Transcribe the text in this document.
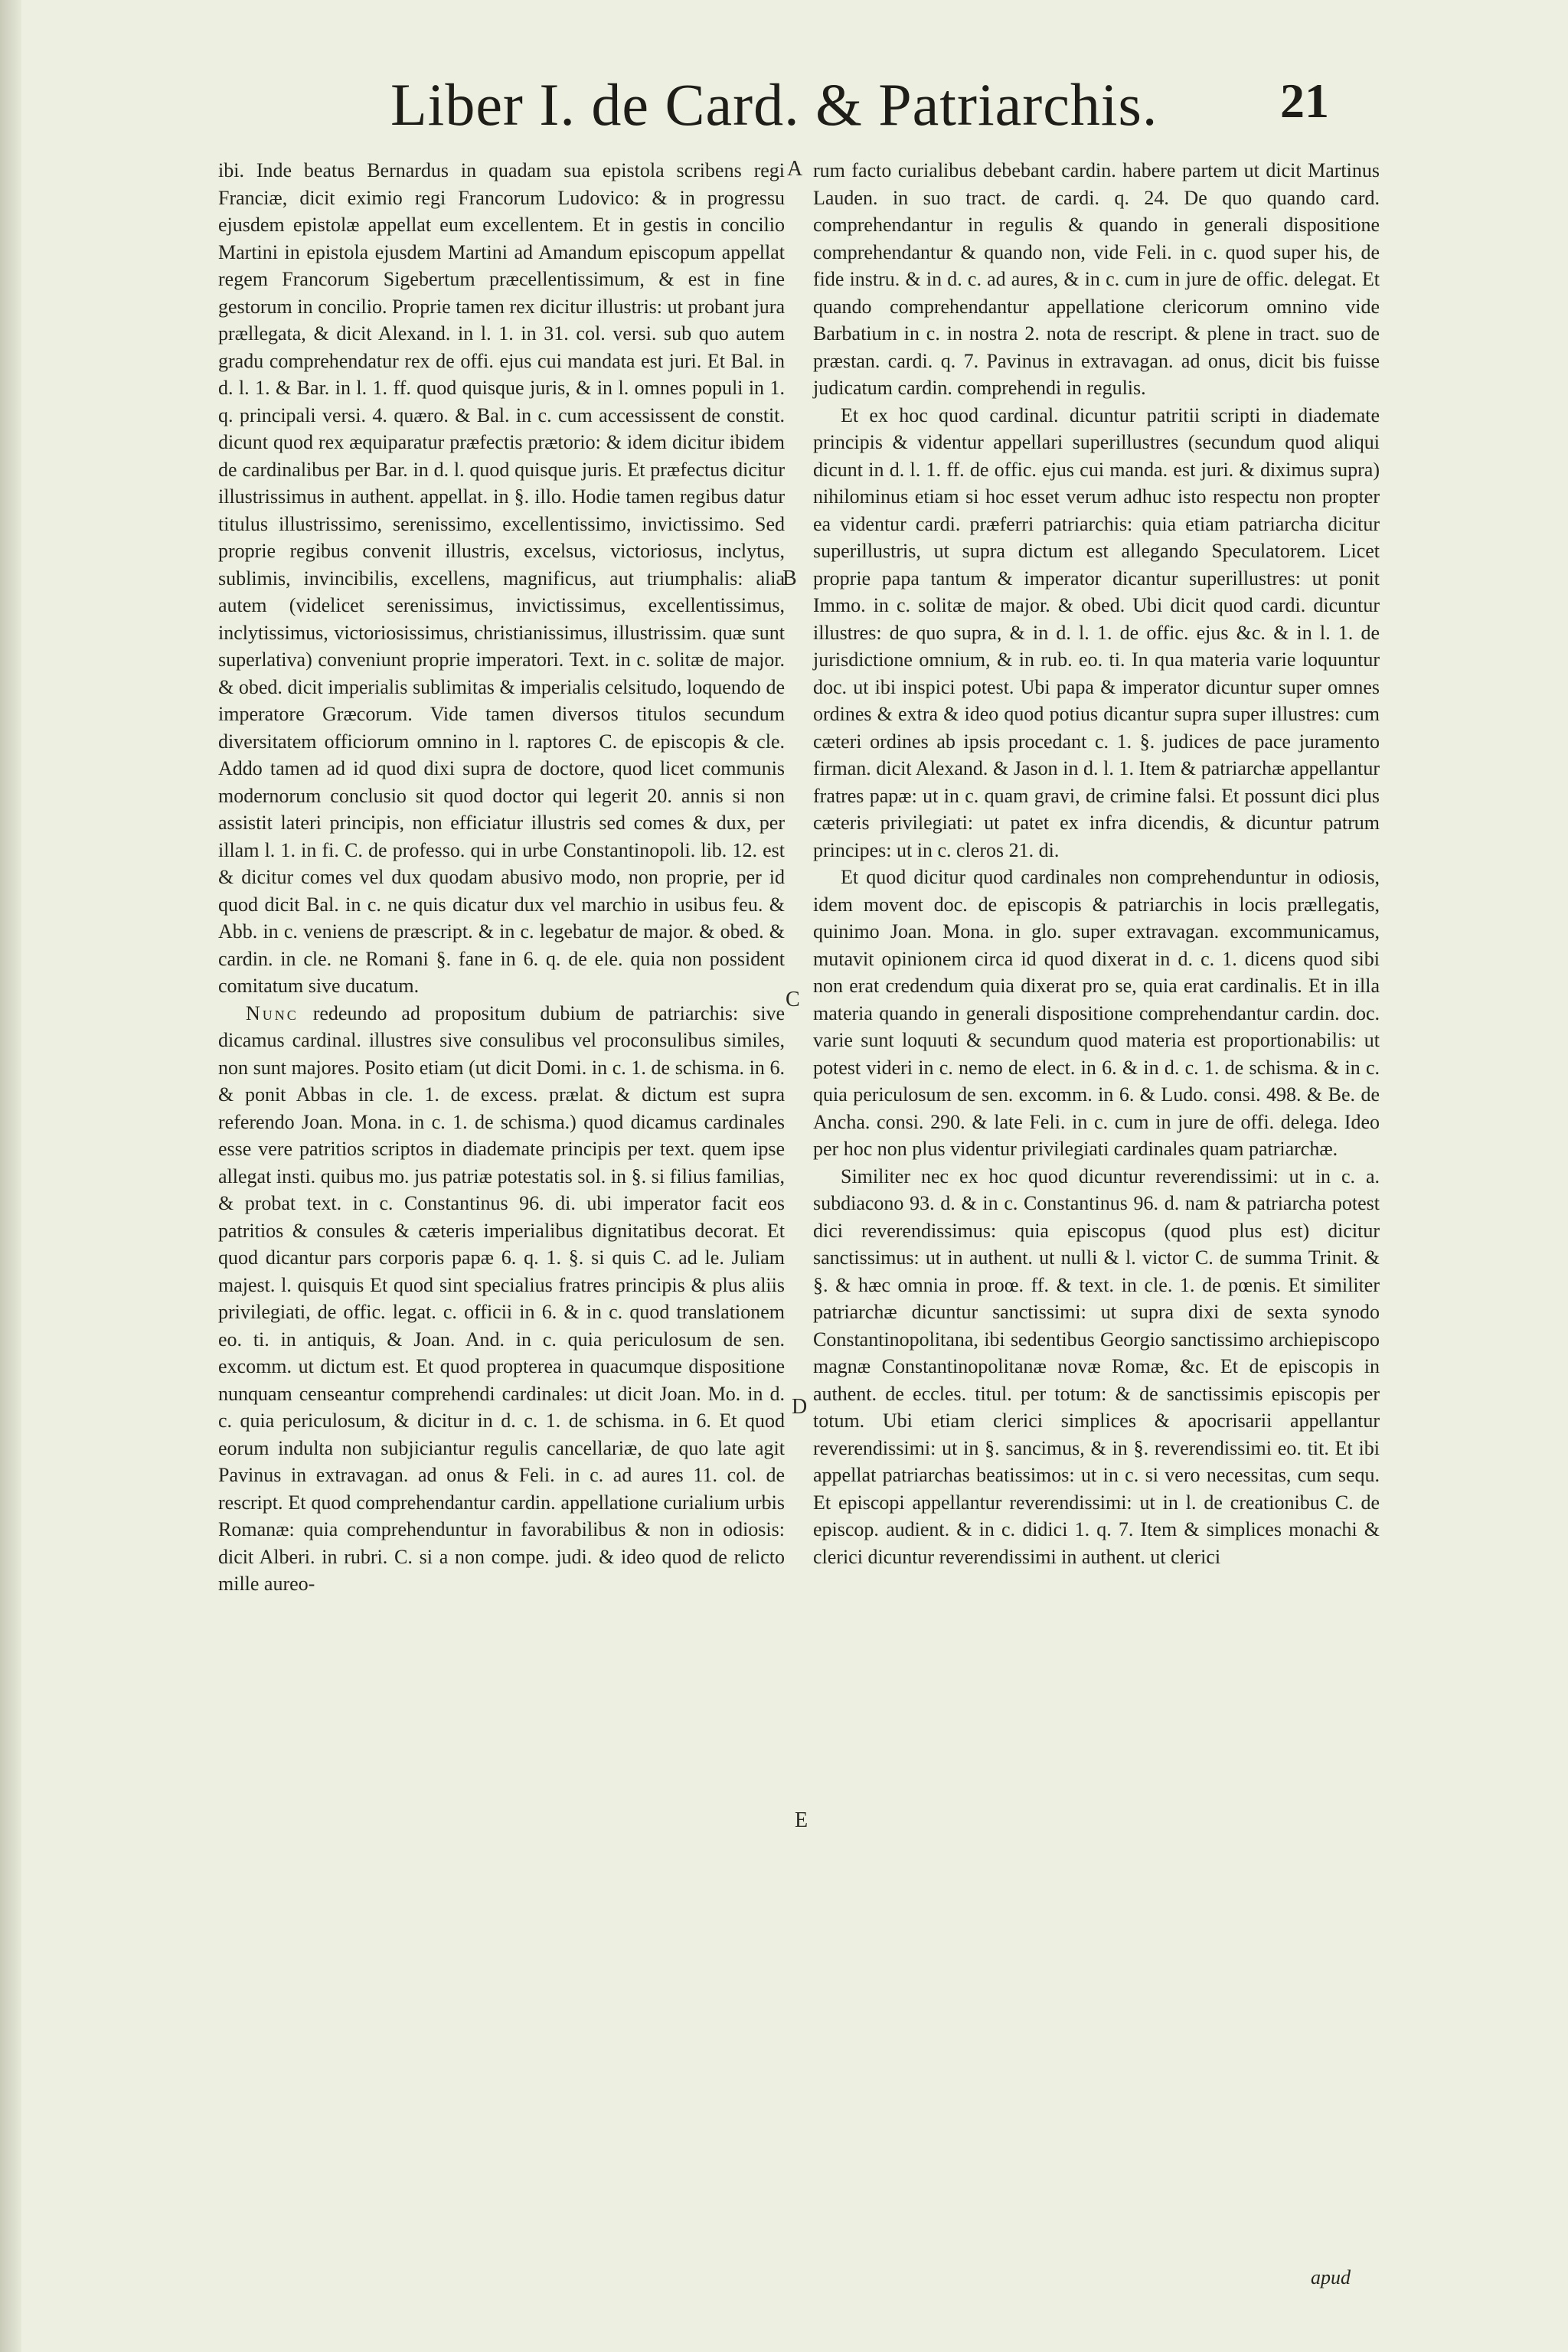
Liber I. de Card. & Patriarchis. 21

ibi. Inde beatus Bernardus in quadam sua epistola scribens regi Franciæ, dicit eximio regi Francorum Ludovico: & in progressu ejusdem epistolæ appellat eum excellentem. Et in gestis in concilio Martini in epistola ejusdem Martini ad Amandum episcopum appellat regem Francorum Sigebertum præcellentissimum, & est in fine gestorum in concilio. Proprie tamen rex dicitur illustris: ut probant jura prællegata, & dicit Alexand. in l. 1. in 31. col. versi. sub quo autem gradu comprehendatur rex de offi. ejus cui mandata est juri. Et Bal. in d. l. 1. & Bar. in l. 1. ff. quod quisque juris, & in l. omnes populi in 1. q. principali versi. 4. quæro. & Bal. in c. cum accessissent de constit. dicunt quod rex æquiparatur præfectis prætorio: & idem dicitur ibidem de cardinalibus per Bar. in d. l. quod quisque juris. Et præfectus dicitur illustrissimus in authent. appellat. in §. illo. Hodie tamen regibus datur titulus illustrissimo, serenissimo, excellentissimo, invictissimo. Sed proprie regibus convenit illustris, excelsus, victoriosus, inclytus, sublimis, invincibilis, excellens, magnificus, aut triumphalis: alia autem (videlicet serenissimus, invictissimus, excellentissimus, inclytissimus, victoriosissimus, christianissimus, illustrissim. quæ sunt superlativa) conveniunt proprie imperatori. Text. in c. solitæ de major. & obed. dicit imperialis sublimitas & imperialis celsitudo, loquendo de imperatore Græcorum. Vide tamen diversos titulos secundum diversitatem officiorum omnino in l. raptores C. de episcopis & cle. Addo tamen ad id quod dixi supra de doctore, quod licet communis modernorum conclusio sit quod doctor qui legerit 20. annis si non assistit lateri principis, non efficiatur illustris sed comes & dux, per illam l. 1. in fi. C. de professo. qui in urbe Constantinopoli. lib. 12. est & dicitur comes vel dux quodam abusivo modo, non proprie, per id quod dicit Bal. in c. ne quis dicatur dux vel marchio in usibus feu. & Abb. in c. veniens de præscript. & in c. legebatur de major. & obed. & cardin. in cle. ne Romani §. fane in 6. q. de ele. quia non possident comitatum sive ducatum.

Nunc redeundo ad propositum dubium de patriarchis: sive dicamus cardinal. illustres sive consulibus vel proconsulibus similes, non sunt majores. Posito etiam (ut dicit Domi. in c. 1. de schisma. in 6. & ponit Abbas in cle. 1. de excess. prælat. & dictum est supra referendo Joan. Mona. in c. 1. de schisma.) quod dicamus cardinales esse vere patritios scriptos in diademate principis per text. quem ipse allegat insti. quibus mo. jus patriæ potestatis sol. in §. si filius familias, & probat text. in c. Constantinus 96. di. ubi imperator facit eos patritios & consules & cæteris imperialibus dignitatibus decorat. Et quod dicantur pars corporis papæ 6. q. 1. §. si quis C. ad le. Juliam majest. l. quisquis Et quod sint specialius fratres principis & plus aliis privilegiati, de offic. legat. c. officii in 6. & in c. quod translationem eo. ti. in antiquis, & Joan. And. in c. quia periculosum de sen. excomm. ut dictum est. Et quod propterea in quacumque dispositione nunquam censeantur comprehendi cardinales: ut dicit Joan. Mo. in d. c. quia periculosum, & dicitur in d. c. 1. de schisma. in 6. Et quod eorum indulta non subjiciantur regulis cancellariæ, de quo late agit Pavinus in extravagan. ad onus & Feli. in c. ad aures 11. col. de rescript. Et quod comprehendantur cardin. appellatione curialium urbis Romanæ: quia comprehenduntur in favorabilibus & non in odiosis: dicit Alberi. in rubri. C. si a non compe. judi. & ideo quod de relicto mille aureo-

A
B
C
D
E

rum facto curialibus debebant cardin. habere partem ut dicit Martinus Lauden. in suo tract. de cardi. q. 24. De quo quando card. comprehendantur in regulis & quando in generali dispositione comprehendantur & quando non, vide Feli. in c. quod super his, de fide instru. & in d. c. ad aures, & in c. cum in jure de offic. delegat. Et quando comprehendantur appellatione clericorum omnino vide Barbatium in c. in nostra 2. nota de rescript. & plene in tract. suo de præstan. cardi. q. 7. Pavinus in extravagan. ad onus, dicit bis fuisse judicatum cardin. comprehendi in regulis.

Et ex hoc quod cardinal. dicuntur patritii scripti in diademate principis & videntur appellari superillustres (secundum quod aliqui dicunt in d. l. 1. ff. de offic. ejus cui manda. est juri. & diximus supra) nihilominus etiam si hoc esset verum adhuc isto respectu non propter ea videntur cardi. præferri patriarchis: quia etiam patriarcha dicitur superillustris, ut supra dictum est allegando Speculatorem. Licet proprie papa tantum & imperator dicantur superillustres: ut ponit Immo. in c. solitæ de major. & obed. Ubi dicit quod cardi. dicuntur illustres: de quo supra, & in d. l. 1. de offic. ejus &c. & in l. 1. de jurisdictione omnium, & in rub. eo. ti. In qua materia varie loquuntur doc. ut ibi inspici potest. Ubi papa & imperator dicuntur super omnes ordines & extra & ideo quod potius dicantur supra super illustres: cum cæteri ordines ab ipsis procedant c. 1. §. judices de pace juramento firman. dicit Alexand. & Jason in d. l. 1. Item & patriarchæ appellantur fratres papæ: ut in c. quam gravi, de crimine falsi. Et possunt dici plus cæteris privilegiati: ut patet ex infra dicendis, & dicuntur patrum principes: ut in c. cleros 21. di.

Et quod dicitur quod cardinales non comprehenduntur in odiosis, idem movent doc. de episcopis & patriarchis in locis prællegatis, quinimo Joan. Mona. in glo. super extravagan. excommunicamus, mutavit opinionem circa id quod dixerat in d. c. 1. dicens quod sibi non erat credendum quia dixerat pro se, quia erat cardinalis. Et in illa materia quando in generali dispositione comprehendantur cardin. doc. varie sunt loquuti & secundum quod materia est proportionabilis: ut potest videri in c. nemo de elect. in 6. & in d. c. 1. de schisma. & in c. quia periculosum de sen. excomm. in 6. & Ludo. consi. 498. & Be. de Ancha. consi. 290. & late Feli. in c. cum in jure de offi. delega. Ideo per hoc non plus videntur privilegiati cardinales quam patriarchæ.

Similiter nec ex hoc quod dicuntur reverendissimi: ut in c. a. subdiacono 93. d. & in c. Constantinus 96. d. nam & patriarcha potest dici reverendissimus: quia episcopus (quod plus est) dicitur sanctissimus: ut in authent. ut nulli & l. victor C. de summa Trinit. & §. & hæc omnia in proœ. ff. & text. in cle. 1. de pœnis. Et similiter patriarchæ dicuntur sanctissimi: ut supra dixi de sexta synodo Constantinopolitana, ibi sedentibus Georgio sanctissimo archiepiscopo magnæ Constantinopolitanæ novæ Romæ, &c. Et de episcopis in authent. de eccles. titul. per totum: & de sanctissimis episcopis per totum. Ubi etiam clerici simplices & apocrisarii appellantur reverendissimi: ut in §. sancimus, & in §. reverendissimi eo. tit. Et ibi appellat patriarchas beatissimos: ut in c. si vero necessitas, cum sequ. Et episcopi appellantur reverendissimi: ut in l. de creationibus C. de episcop. audient. & in c. didici 1. q. 7. Item & simplices monachi & clerici dicuntur reverendissimi in authent. ut clerici

apud
